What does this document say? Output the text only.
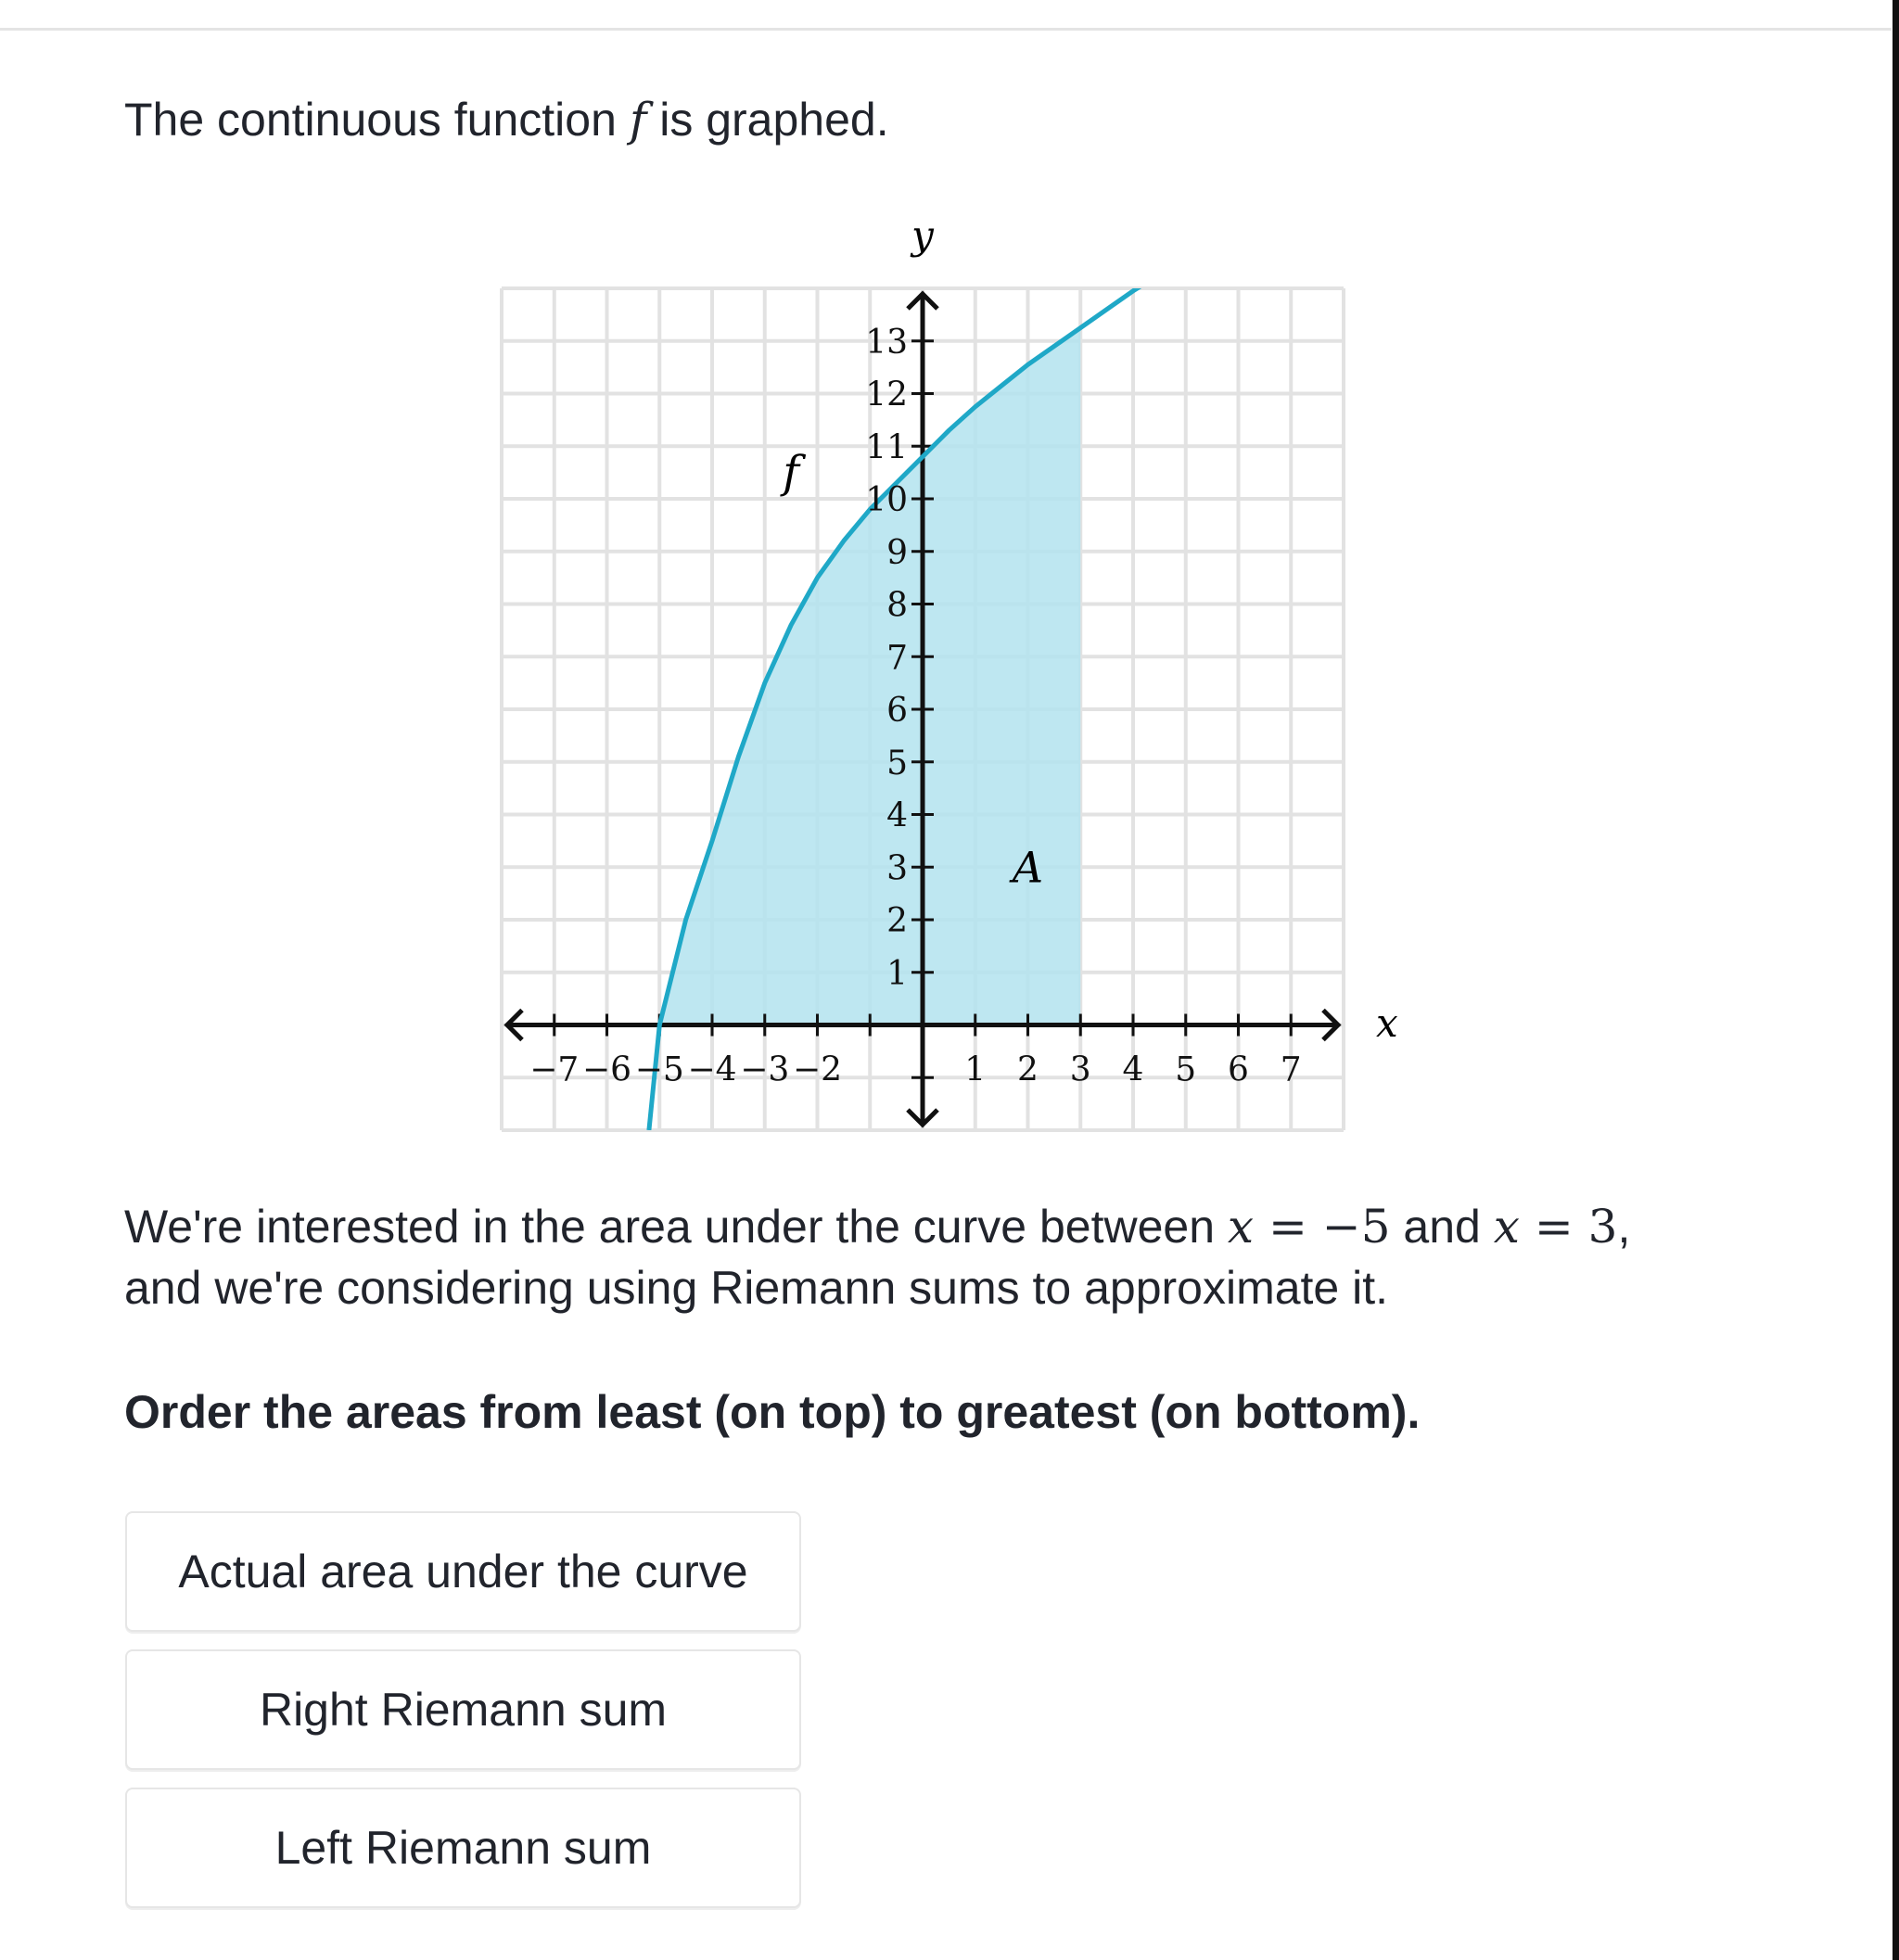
The continuous function f is graphed.
−7 −6 −5 −4 −3 −2	1 2 3 4 5 6 7
1
2
3
4
5
6
7
8
9
10
11
12
13
x
y
f
A
We're interested in the area under the curve between x = −5 and x = 3,
and we're considering using Riemann sums to approximate it.
Order the areas from least (on top) to greatest (on bottom).
Actual area under the curve
Right Riemann sum
Left Riemann sum
